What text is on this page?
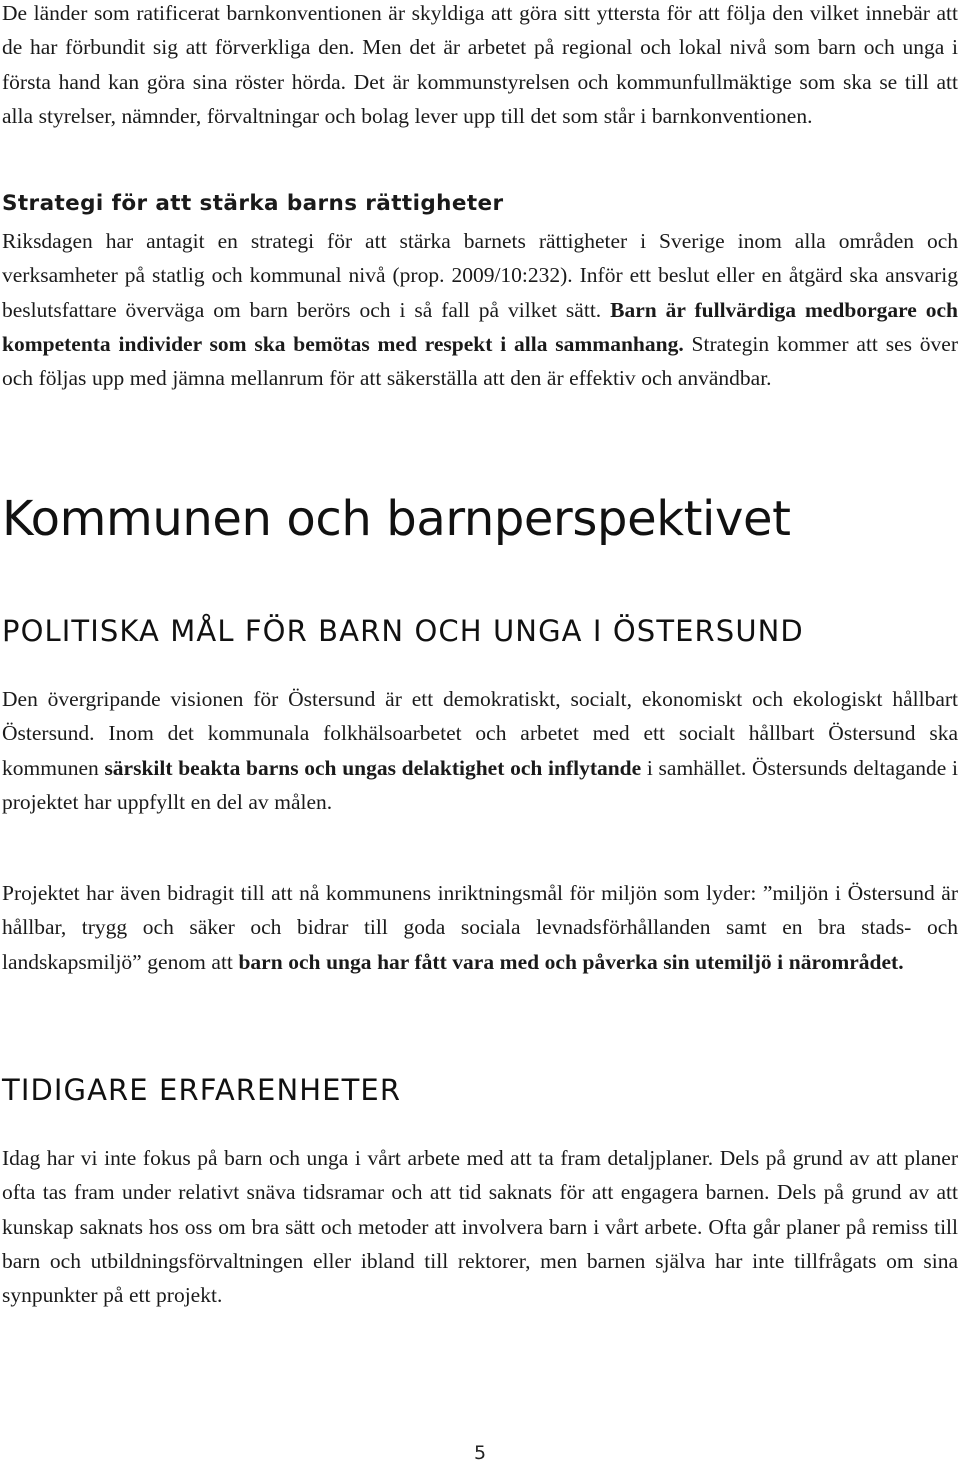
De länder som ratificerat barnkonventionen är skyldiga att göra sitt yttersta för att följa den vilket innebär att de har förbundit sig att förverkliga den. Men det är arbetet på regional och lokal nivå som barn och unga i första hand kan göra sina röster hörda. Det är kommunstyrelsen och kommunfullmäktige som ska se till att alla styrelser, nämnder, förvaltningar och bolag lever upp till det som står i barnkonventionen.

Strategi för att stärka barns rättigheter

Riksdagen har antagit en strategi för att stärka barnets rättigheter i Sverige inom alla områden och verksamheter på statlig och kommunal nivå (prop. 2009/10:232). Inför ett beslut eller en åtgärd ska ansvarig beslutsfattare överväga om barn berörs och i så fall på vilket sätt. Barn är fullvärdiga medborgare och kompetenta individer som ska bemötas med respekt i alla sammanhang. Strategin kommer att ses över och följas upp med jämna mellanrum för att säkerställa att den är effektiv och användbar.

Kommunen och barnperspektivet
POLITISKA MÅL FÖR BARN OCH UNGA I ÖSTERSUND

Den övergripande visionen för Östersund är ett demokratiskt, socialt, ekonomiskt och ekologiskt hållbart Östersund. Inom det kommunala folkhälsoarbetet och arbetet med ett socialt hållbart Östersund ska kommunen särskilt beakta barns och ungas delaktighet och inflytande i samhället. Östersunds deltagande i projektet har uppfyllt en del av målen.

Projektet har även bidragit till att nå kommunens inriktningsmål för miljön som lyder: ”miljön i Östersund är hållbar, trygg och säker och bidrar till goda sociala levnadsförhållanden samt en bra stads- och landskapsmiljö” genom att barn och unga har fått vara med och påverka sin utemiljö i närområdet.

TIDIGARE ERFARENHETER

Idag har vi inte fokus på barn och unga i vårt arbete med att ta fram detaljplaner. Dels på grund av att planer ofta tas fram under relativt snäva tidsramar och att tid saknats för att engagera barnen. Dels på grund av att kunskap saknats hos oss om bra sätt och metoder att involvera barn i vårt arbete. Ofta går planer på remiss till barn och utbildningsförvaltningen eller ibland till rektorer, men barnen själva har inte tillfrågats om sina synpunkter på ett projekt.

5
